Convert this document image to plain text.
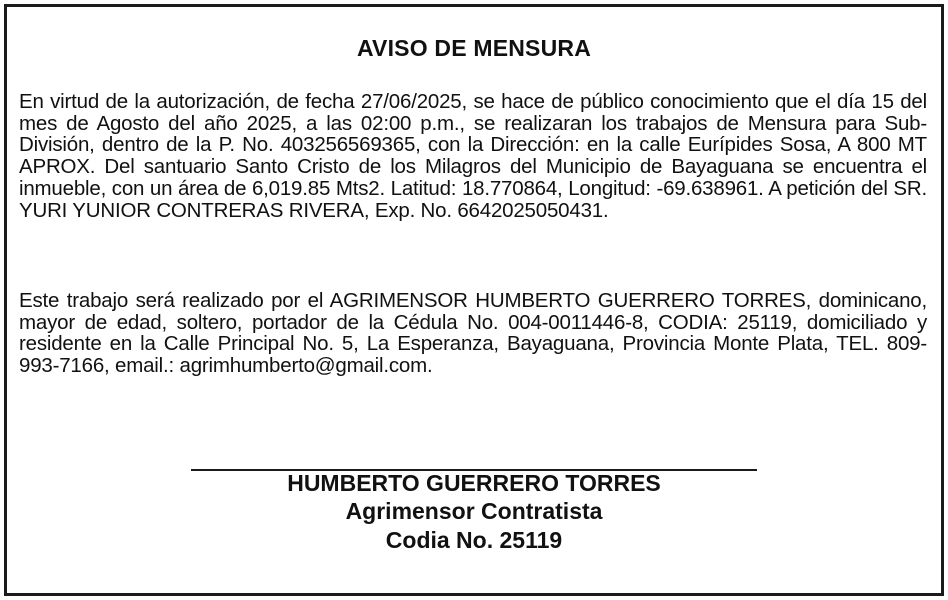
AVISO DE MENSURA

En virtud de la autorización, de fecha 27/06/2025, se hace de público conocimiento que el día 15 del mes de Agosto del año 2025, a las 02:00 p.m., se realizaran los trabajos de Mensura para Sub-División, dentro de la P. No. 403256569365, con la Dirección: en la calle Eurípides Sosa, A 800 MT APROX. Del santuario Santo Cristo de los Milagros del Municipio de Bayaguana se encuentra el inmueble, con un área de 6,019.85 Mts2. Latitud: 18.770864, Longitud: -69.638961. A petición del SR. YURI YUNIOR CONTRERAS RIVERA, Exp. No. 6642025050431.

Este trabajo será realizado por el AGRIMENSOR HUMBERTO GUERRERO TORRES, dominicano, mayor de edad, soltero, portador de la Cédula No. 004-0011446-8, CODIA: 25119, domiciliado y residente en la Calle Principal No. 5, La Esperanza, Bayaguana, Provincia Monte Plata, TEL. 809-993-7166, email.: agrimhumberto@gmail.com.

HUMBERTO GUERRERO TORRES

Agrimensor Contratista

Codia No. 25119
